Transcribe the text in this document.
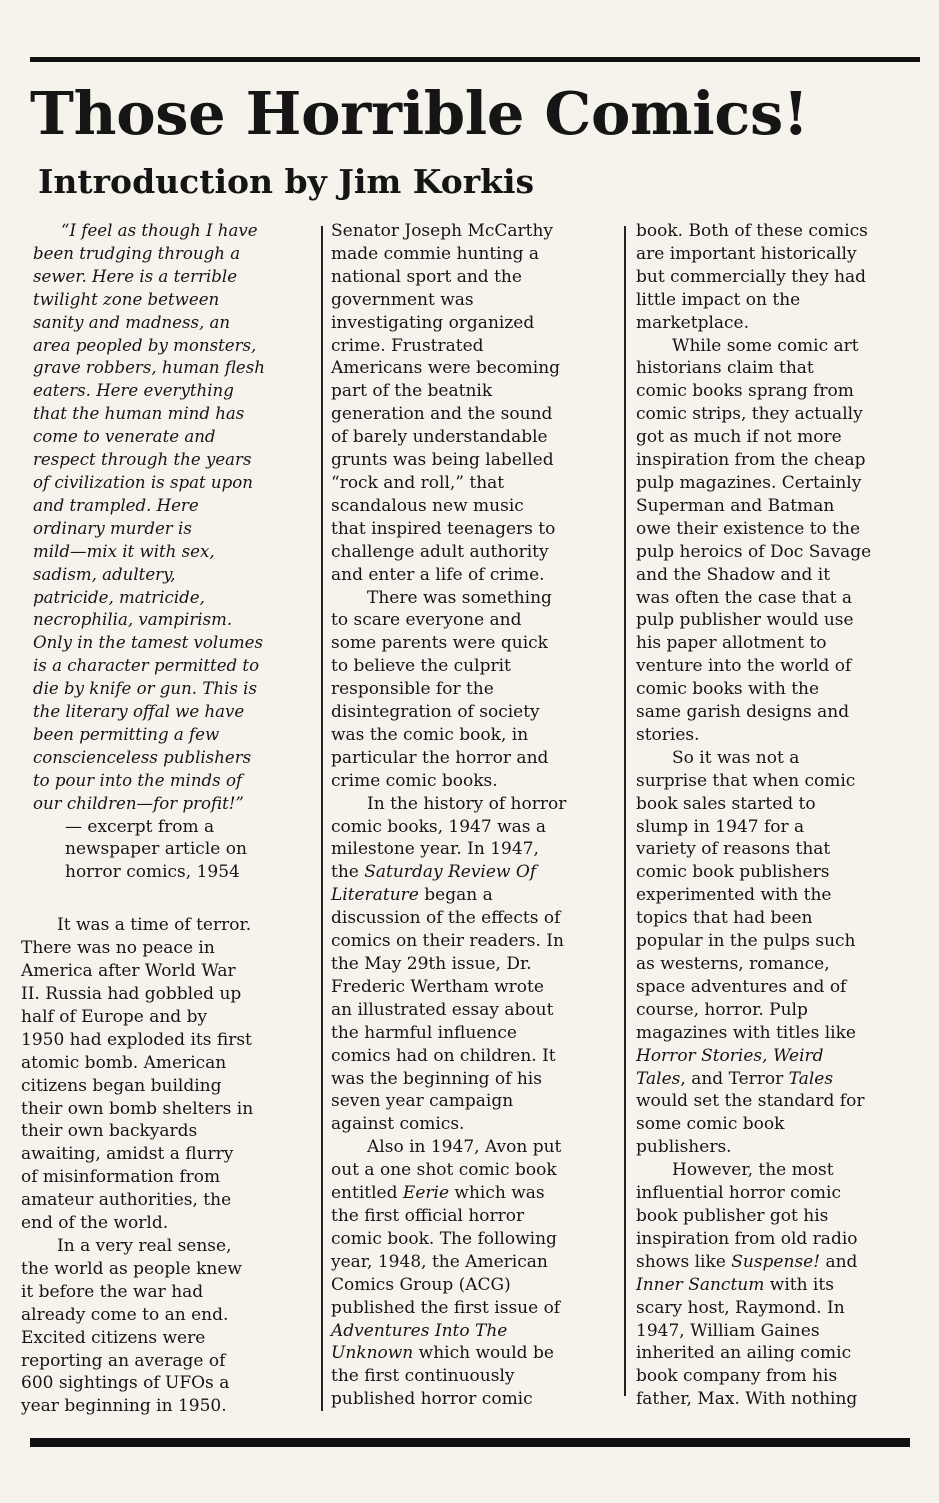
Those Horrible Comics!
Introduction by Jim Korkis
“I feel as though I have
been trudging through a
sewer. Here is a terrible
twilight zone between
sanity and madness, an
area peopled by monsters,
grave robbers, human flesh
eaters. Here everything
that the human mind has
come to venerate and
respect through the years
of civilization is spat upon
and trampled. Here
ordinary murder is
mild—mix it with sex,
sadism, adultery,
patricide, matricide,
necrophilia, vampirism.
Only in the tamest volumes
is a character permitted to
die by knife or gun. This is
the literary offal we have
been permitting a few
conscienceless publishers
to pour into the minds of
our children—for profit!”
— excerpt from a
newspaper article on
horror comics, 1954
It was a time of terror.
There was no peace in
America after World War
II. Russia had gobbled up
half of Europe and by
1950 had exploded its first
atomic bomb. American
citizens began building
their own bomb shelters in
their own backyards
awaiting, amidst a flurry
of misinformation from
amateur authorities, the
end of the world.
In a very real sense,
the world as people knew
it before the war had
already come to an end.
Excited citizens were
reporting an average of
600 sightings of UFOs a
year beginning in 1950.
Senator Joseph McCarthy
made commie hunting a
national sport and the
government was
investigating organized
crime. Frustrated
Americans were becoming
part of the beatnik
generation and the sound
of barely understandable
grunts was being labelled
“rock and roll,” that
scandalous new music
that inspired teenagers to
challenge adult authority
and enter a life of crime.
There was something
to scare everyone and
some parents were quick
to believe the culprit
responsible for the
disintegration of society
was the comic book, in
particular the horror and
crime comic books.
In the history of horror
comic books, 1947 was a
milestone year. In 1947,
the Saturday Review Of
Literature began a
discussion of the effects of
comics on their readers. In
the May 29th issue, Dr.
Frederic Wertham wrote
an illustrated essay about
the harmful influence
comics had on children. It
was the beginning of his
seven year campaign
against comics.
Also in 1947, Avon put
out a one shot comic book
entitled Eerie which was
the first official horror
comic book. The following
year, 1948, the American
Comics Group (ACG)
published the first issue of
Adventures Into The
Unknown which would be
the first continuously
published horror comic
book. Both of these comics
are important historically
but commercially they had
little impact on the
marketplace.
While some comic art
historians claim that
comic books sprang from
comic strips, they actually
got as much if not more
inspiration from the cheap
pulp magazines. Certainly
Superman and Batman
owe their existence to the
pulp heroics of Doc Savage
and the Shadow and it
was often the case that a
pulp publisher would use
his paper allotment to
venture into the world of
comic books with the
same garish designs and
stories.
So it was not a
surprise that when comic
book sales started to
slump in 1947 for a
variety of reasons that
comic book publishers
experimented with the
topics that had been
popular in the pulps such
as westerns, romance,
space adventures and of
course, horror. Pulp
magazines with titles like
Horror Stories, Weird
Tales, and Terror Tales
would set the standard for
some comic book
publishers.
However, the most
influential horror comic
book publisher got his
inspiration from old radio
shows like Suspense! and
Inner Sanctum with its
scary host, Raymond. In
1947, William Gaines
inherited an ailing comic
book company from his
father, Max. With nothing
